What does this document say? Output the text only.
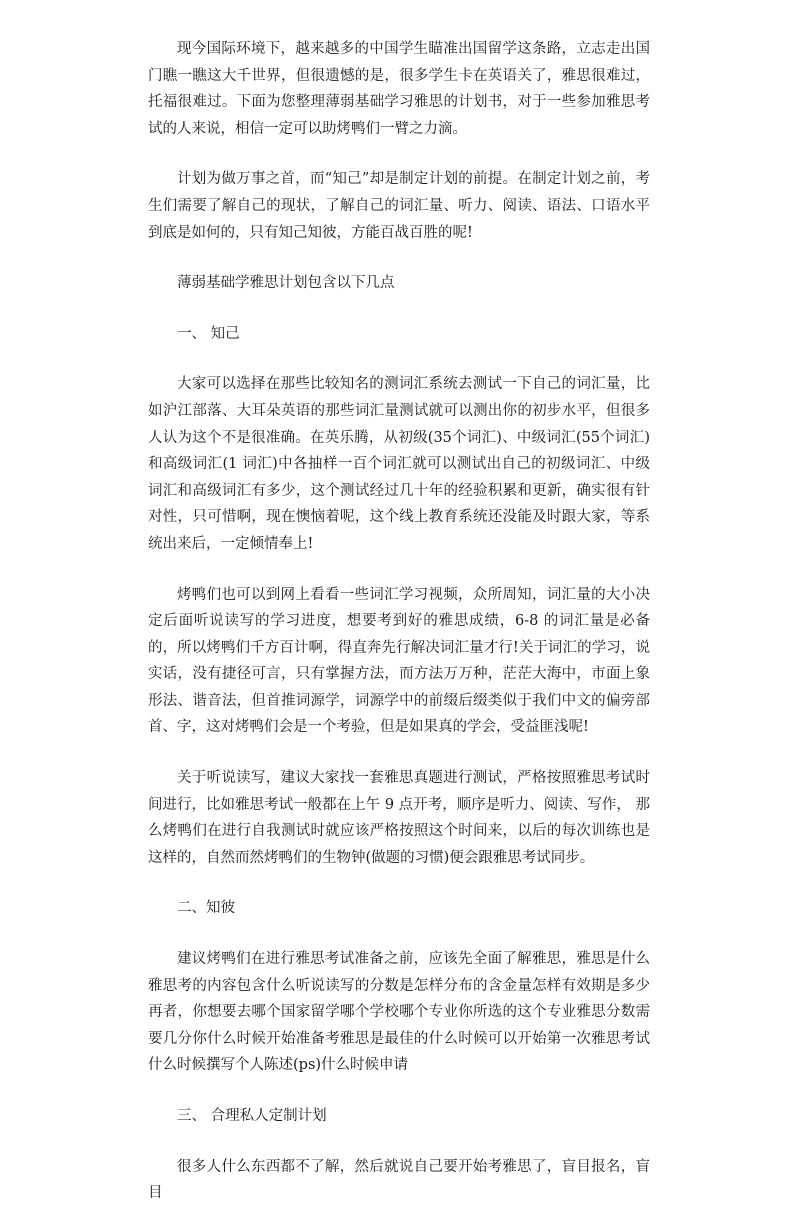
现今国际环境下，越来越多的中国学生瞄准出国留学这条路，立志走出国门瞧一瞧这大千世界，但很遗憾的是，很多学生卡在英语关了，雅思很难过，托福很难过。下面为您整理薄弱基础学习雅思的计划书，对于一些参加雅思考试的人来说，相信一定可以助烤鸭们一臂之力滴。

计划为做万事之首，而“知己”却是制定计划的前提。在制定计划之前，考生们需要了解自己的现状，了解自己的词汇量、听力、阅读、语法、口语水平到底是如何的，只有知己知彼，方能百战百胜的呢!

薄弱基础学雅思计划包含以下几点

一、 知己

大家可以选择在那些比较知名的测词汇系统去测试一下自己的词汇量，比如沪江部落、大耳朵英语的那些词汇量测试就可以测出你的初步水平，但很多人认为这个不是很准确。在英乐腾，从初级(35个词汇)、中级词汇(55个词汇)和高级词汇(1 词汇)中各抽样一百个词汇就可以测试出自己的初级词汇、中级词汇和高级词汇有多少，这个测试经过几十年的经验积累和更新，确实很有针对性，只可惜啊，现在懊恼着呢，这个线上教育系统还没能及时跟大家，等系统出来后，一定倾情奉上!

烤鸭们也可以到网上看看一些词汇学习视频，众所周知，词汇量的大小决定后面听说读写的学习进度，想要考到好的雅思成绩，6-8 的词汇量是必备的，所以烤鸭们千方百计啊，得直奔先行解决词汇量才行!关于词汇的学习，说实话，没有捷径可言，只有掌握方法，而方法万万种，茫茫大海中，市面上象形法、谐音法，但首推词源学，词源学中的前缀后缀类似于我们中文的偏旁部首、字，这对烤鸭们会是一个考验，但是如果真的学会，受益匪浅呢!

关于听说读写，建议大家找一套雅思真题进行测试，严格按照雅思考试时间进行，比如雅思考试一般都在上午 9 点开考，顺序是听力、阅读、写作， 那么烤鸭们在进行自我测试时就应该严格按照这个时间来，以后的每次训练也是这样的，自然而然烤鸭们的生物钟(做题的习惯)便会跟雅思考试同步。

二、知彼

建议烤鸭们在进行雅思考试准备之前，应该先全面了解雅思，雅思是什么雅思考的内容包含什么听说读写的分数是怎样分布的含金量怎样有效期是多少再者，你想要去哪个国家留学哪个学校哪个专业你所选的这个专业雅思分数需要几分你什么时候开始准备考雅思是最佳的什么时候可以开始第一次雅思考试什么时候撰写个人陈述(ps)什么时候申请

三、 合理私人定制计划

很多人什么东西都不了解，然后就说自己要开始考雅思了，盲目报名，盲目
